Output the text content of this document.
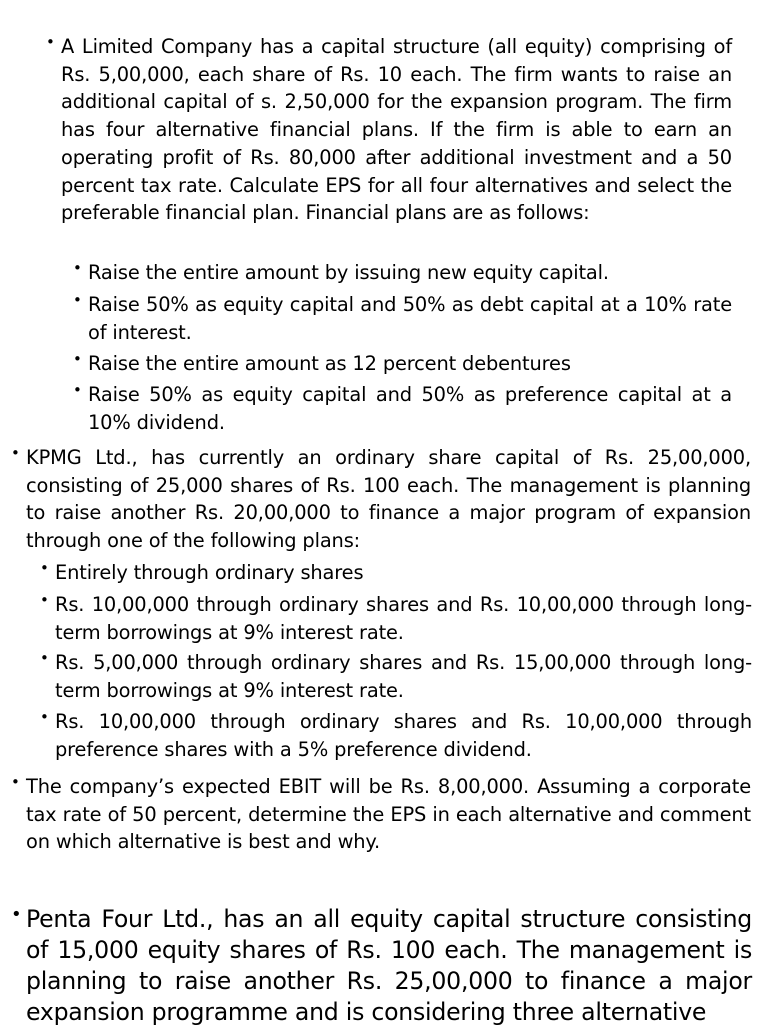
• A Limited Company has a capital structure (all equity) comprising of Rs. 5,00,000, each share of Rs. 10 each. The firm wants to raise an additional capital of s. 2,50,000 for the expansion program. The firm has four alternative financial plans. If the firm is able to earn an operating profit of Rs. 80,000 after additional investment and a 50 percent tax rate. Calculate EPS for all four alternatives and select the preferable financial plan. Financial plans are as follows:

• Raise the entire amount by issuing new equity capital.

• Raise 50% as equity capital and 50% as debt capital at a 10% rate of interest.

• Raise the entire amount as 12 percent debentures

• Raise 50% as equity capital and 50% as preference capital at a 10% dividend.

• KPMG Ltd., has currently an ordinary share capital of Rs. 25,00,000, consisting of 25,000 shares of Rs. 100 each. The management is planning to raise another Rs. 20,00,000 to finance a major program of expansion through one of the following plans:

• Entirely through ordinary shares

• Rs. 10,00,000 through ordinary shares and Rs. 10,00,000 through long-term borrowings at 9% interest rate.

• Rs. 5,00,000 through ordinary shares and Rs. 15,00,000 through long-term borrowings at 9% interest rate.

• Rs. 10,00,000 through ordinary shares and Rs. 10,00,000 through preference shares with a 5% preference dividend.

• The company’s expected EBIT will be Rs. 8,00,000. Assuming a corporate tax rate of 50 percent, determine the EPS in each alternative and comment on which alternative is best and why.

• Penta Four Ltd., has an all equity capital structure consisting of 15,000 equity shares of Rs. 100 each. The management is planning to raise another Rs. 25,00,000 to finance a major expansion programme and is considering three alternative
